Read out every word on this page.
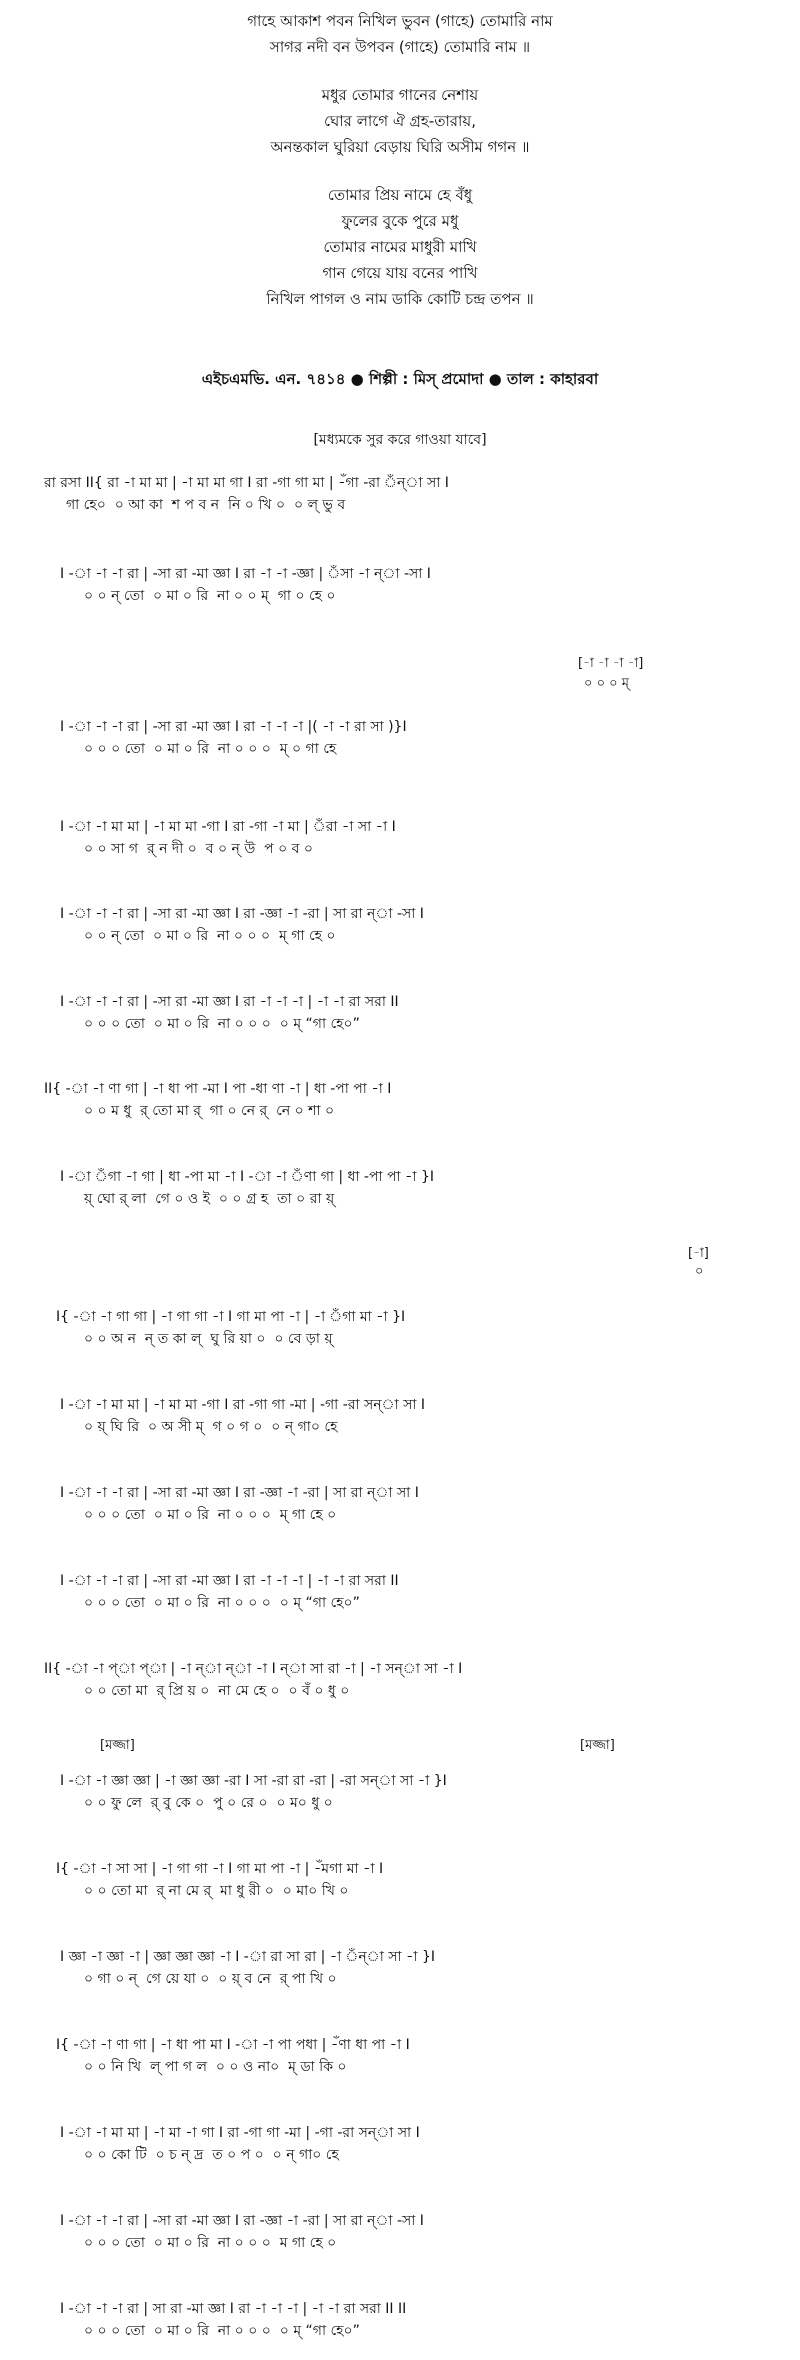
গাহে আকাশ পবন নিখিল ভুবন (গাহে) তোমারি নাম
সাগর নদী বন উপবন (গাহে) তোমারি নাম ॥
মধুর তোমার গানের নেশায়
ঘোর লাগে ঐ গ্রহ-তারায়,
অনন্তকাল ঘুরিয়া বেড়ায় ঘিরি অসীম গগন ॥
তোমার প্রিয় নামে হে বঁধু
ফুলের বুকে পুরে মধু
তোমার নামের মাধুরী মাখি
গান গেয়ে যায় বনের পাখি
নিখিল পাগল ও নাম ডাকি কোটি চন্দ্র তপন ॥
এইচএমভি. এন. ৭৪১৪ ● শিল্পী : মিস্ প্রমোদা ● তাল : কাহারবা
[মধ্যমকে সুর করে গাওয়া যাবে]
[-া -া -া -া]
০ ০ ০ ম্
[-া]
০
[মজ্জা]	[মজ্জা]
রা রসা II{ রা -া মা মা | -া মা মা গা I রা -গা গা মা | -ঁগা -রা ঁন্া সা I
গা হে০  ০ আ কা  শ প ব ন  নি ০ খি ০  ০ ল্ ভু ব
I -া -া -া রা | -সা রা -মা জ্ঞা I রা -া -া -জ্ঞা | ঁসা -া ন্া -সা I
০ ০ ন্ তো  ০ মা ০ রি  না ০ ০ ম্  গা ০ হে ০
I -া -া -া রা | -সা রা -মা জ্ঞা I রা -া -া -া |( -া -া রা সা )}I
০ ০ ০ তো  ০ মা ০ রি  না ০ ০ ০  ম্ ০ গা হে
I -া -া মা মা | -া মা মা -গা I রা -গা -া মা | ঁরা -া সা -া I
০ ০ সা গ  র্ ন দী ০  ব ০ ন্ উ  প ০ ব ০
I -া -া -া রা | -সা রা -মা জ্ঞা I রা -জ্ঞা -া -রা | সা রা ন্া -সা I
০ ০ ন্ তো  ০ মা ০ রি  না ০ ০ ০  ম্ গা হে ০
I -া -া -া রা | -সা রা -মা জ্ঞা I রা -া -া -া | -া -া রা সরা II
০ ০ ০ তো  ০ মা ০ রি  না ০ ০ ০  ০ ম্ “গা হে০”
II{ -া -া ণা গা | -া ধা পা -মা I পা -ধা ণা -া | ধা -পা পা -া I
০ ০ ম ধু  র্ তো মা র্  গা ০ নে র্  নে ০ শা ০
I -া ঁগা -া গা | ধা -পা মা -া I -া -া ঁণা গা | ধা -পা পা -া }I
য়্ ঘো র্ লা  গে ০ ও ই  ০ ০ গ্র হ  তা ০ রা য়্
I{ -া -া গা গা | -া গা গা -া I গা মা পা -া | -া ঁগা মা -া }I
০ ০ অ ন  ন্ ত কা ল্  ঘু রি য়া ০  ০ বে ড়া য়্
I -া -া মা মা | -া মা মা -গা I রা -গা গা -মা | -গা -রা সন্া সা I
০ য়্ ঘি রি  ০ অ সী ম্  গ ০ গ ০  ০ ন্ গা০ হে
I -া -া -া রা | -সা রা -মা জ্ঞা I রা -জ্ঞা -া -রা | সা রা ন্া সা I
০ ০ ০ তো  ০ মা ০ রি  না ০ ০ ০  ম্ গা হে ০
I -া -া -া রা | -সা রা -মা জ্ঞা I রা -া -া -া | -া -া রা সরা II
০ ০ ০ তো  ০ মা ০ রি  না ০ ০ ০  ০ ম্ “গা হে০”
II{ -া -া প্া প্া | -া ন্া ন্া -া I ন্া সা রা -া | -া সন্া সা -া I
০ ০ তো মা  র্ প্রি য় ০  না মে হে ০  ০ বঁ ০ ধু ০
I -া -া জ্ঞা জ্ঞা | -া জ্ঞা জ্ঞা -রা I সা -রা রা -রা | -রা সন্া সা -া }I
০ ০ ফু লে  র্ বু কে ০  পু ০ রে ০  ০ ম০ ধু ০
I{ -া -া সা সা | -া গা গা -া I গা মা পা -া | -ঁমগা মা -া I
০ ০ তো মা  র্ না মে র্  মা ধু রী ০  ০ মা০ খি ০
I জ্ঞা -া জ্ঞা -া | জ্ঞা জ্ঞা জ্ঞা -া I -া রা সা রা | -া ঁন্া সা -া }I
০ গা ০ ন্  গে য়ে যা ০  ০ য়্ ব নে  র্ পা খি ০
I{ -া -া ণা গা | -া ধা পা মা I -া -া পা পধা | -ঁণা ধা পা -া I
০ ০ নি খি  ল্ পা গ ল  ০ ০ ও না০  ম্ ডা কি ০
I -া -া মা মা | -া মা -া গা I রা -গা গা -মা | -গা -রা সন্া সা I
০ ০ কো টি  ০ চ ন্ দ্র  ত ০ প ০  ০ ন্ গা০ হে
I -া -া -া রা | -সা রা -মা জ্ঞা I রা -জ্ঞা -া -রা | সা রা ন্া -সা I
০ ০ ০ তো  ০ মা ০ রি  না ০ ০ ০  ম গা হে ০
I -া -া -া রা | সা রা -মা জ্ঞা I রা -া -া -া | -া -া রা সরা II II
০ ০ ০ তো  ০ মা ০ রি  না ০ ০ ০  ০ ম্ “গা হে০”
